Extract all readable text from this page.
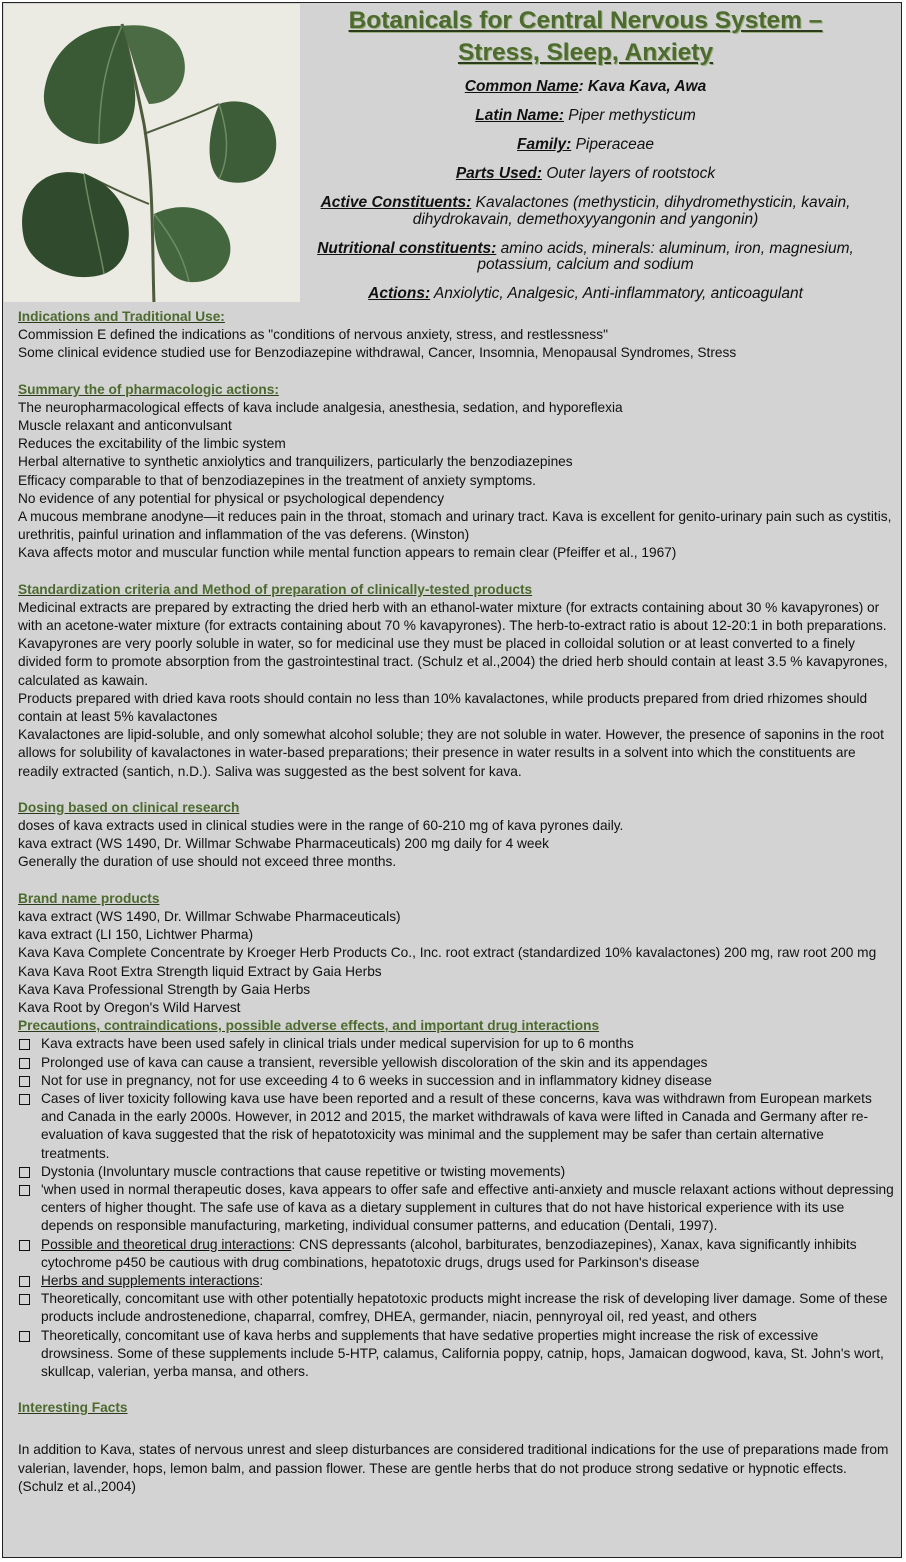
Botanicals for Central Nervous System –
Stress, Sleep, Anxiety
Common Name: Kava Kava, Awa
Latin Name: Piper methysticum
Family: Piperaceae
Parts Used: Outer layers of rootstock
Active Constituents: Kavalactones (methysticin, dihydromethysticin, kavain, dihydrokavain, demethoxyyangonin and yangonin)
Nutritional constituents: amino acids, minerals: aluminum, iron, magnesium, potassium, calcium and sodium
Actions: Anxiolytic, Analgesic, Anti-inflammatory, anticoagulant
Indications and Traditional Use:

Commission E defined the indications as "conditions of nervous anxiety, stress, and restlessness"

Some clinical evidence studied use for Benzodiazepine withdrawal, Cancer, Insomnia, Menopausal Syndromes, Stress

Summary the of pharmacologic actions:

The neuropharmacological effects of kava include analgesia, anesthesia, sedation, and hyporeflexia

Muscle relaxant and anticonvulsant

Reduces the excitability of the limbic system

Herbal alternative to synthetic anxiolytics and tranquilizers, particularly the benzodiazepines

Efficacy comparable to that of benzodiazepines in the treatment of anxiety symptoms.

No evidence of any potential for physical or psychological dependency

A mucous membrane anodyne—it reduces pain in the throat, stomach and urinary tract. Kava is excellent for genito-urinary pain such as cystitis, urethritis, painful urination and inflammation of the vas deferens. (Winston)

Kava affects motor and muscular function while mental function appears to remain clear (Pfeiffer et al., 1967)

Standardization criteria and Method of preparation of clinically-tested products

Medicinal extracts are prepared by extracting the dried herb with an ethanol-water mixture (for extracts containing about 30 % kavapyrones) or with an acetone-water mixture (for extracts containing about 70 % kavapyrones). The herb-to-extract ratio is about 12-20:1 in both preparations. Kavapyrones are very poorly soluble in water, so for medicinal use they must be placed in colloidal solution or at least converted to a finely divided form to promote absorption from the gastrointestinal tract. (Schulz et al.,2004) the dried herb should contain at least 3.5 % kavapyrones, calculated as kawain.

Products prepared with dried kava roots should contain no less than 10% kavalactones, while products prepared from dried rhizomes should contain at least 5% kavalactones

Kavalactones are lipid-soluble, and only somewhat alcohol soluble; they are not soluble in water. However, the presence of saponins in the root allows for solubility of kavalactones in water-based preparations; their presence in water results in a solvent into which the constituents are readily extracted (santich, n.D.). Saliva was suggested as the best solvent for kava.

Dosing based on clinical research

doses of kava extracts used in clinical studies were in the range of 60-210 mg of kava pyrones daily.

kava extract (WS 1490, Dr. Willmar Schwabe Pharmaceuticals) 200 mg daily for 4 week

Generally the duration of use should not exceed three months.

Brand name products

kava extract (WS 1490, Dr. Willmar Schwabe Pharmaceuticals)

kava extract (LI 150, Lichtwer Pharma)

Kava Kava Complete Concentrate by Kroeger Herb Products Co., Inc. root extract (standardized 10% kavalactones) 200 mg, raw root 200 mg

Kava Kava Root Extra Strength liquid Extract by Gaia Herbs

Kava Kava Professional Strength by Gaia Herbs

Kava Root by Oregon's Wild Harvest

Precautions, contraindications, possible adverse effects, and important drug interactions
Kava extracts have been used safely in clinical trials under medical supervision for up to 6 months
Prolonged use of kava can cause a transient, reversible yellowish discoloration of the skin and its appendages
Not for use in pregnancy, not for use exceeding 4 to 6 weeks in succession and in inflammatory kidney disease
Cases of liver toxicity following kava use have been reported and a result of these concerns, kava was withdrawn from European markets and Canada in the early 2000s. However, in 2012 and 2015, the market withdrawals of kava were lifted in Canada and Germany after re-evaluation of kava suggested that the risk of hepatotoxicity was minimal and the supplement may be safer than certain alternative treatments.
Dystonia (Involuntary muscle contractions that cause repetitive or twisting movements)
'when used in normal therapeutic doses, kava appears to offer safe and effective anti-anxiety and muscle relaxant actions without depressing centers of higher thought. The safe use of kava as a dietary supplement in cultures that do not have historical experience with its use depends on responsible manufacturing, marketing, individual consumer patterns, and education (Dentali, 1997).
Possible and theoretical drug interactions: CNS depressants (alcohol, barbiturates, benzodiazepines), Xanax, kava significantly inhibits cytochrome p450 be cautious with drug combinations, hepatotoxic drugs, drugs used for Parkinson's disease
Herbs and supplements interactions:
Theoretically, concomitant use with other potentially hepatotoxic products might increase the risk of developing liver damage. Some of these products include androstenedione, chaparral, comfrey, DHEA, germander, niacin, pennyroyal oil, red yeast, and others
Theoretically, concomitant use of kava herbs and supplements that have sedative properties might increase the risk of excessive drowsiness. Some of these supplements include 5-HTP, calamus, California poppy, catnip, hops, Jamaican dogwood, kava, St. John's wort, skullcap, valerian, yerba mansa, and others.
Interesting Facts

In addition to Kava, states of nervous unrest and sleep disturbances are considered traditional indications for the use of preparations made from valerian, lavender, hops, lemon balm, and passion flower. These are gentle herbs that do not produce strong sedative or hypnotic effects. (Schulz et al.,2004)
